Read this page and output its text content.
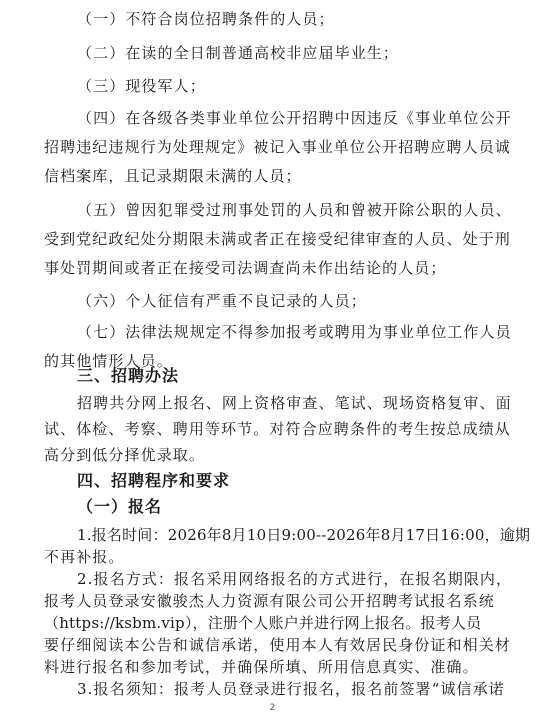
（一）不符合岗位招聘条件的人员；
（二）在读的全日制普通高校非应届毕业生；
（三）现役军人；
（四）在各级各类事业单位公开招聘中因违反《事业单位公开
招聘违纪违规行为处理规定》被记入事业单位公开招聘应聘人员诚
信档案库，且记录期限未满的人员；
（五）曾因犯罪受过刑事处罚的人员和曾被开除公职的人员、
受到党纪政纪处分期限未满或者正在接受纪律审查的人员、处于刑
事处罚期间或者正在接受司法调查尚未作出结论的人员；
（六）个人征信有严重不良记录的人员；
（七）法律法规规定不得参加报考或聘用为事业单位工作人员
的其他情形人员。
三、招聘办法
招聘共分网上报名、网上资格审查、笔试、现场资格复审、面
试、体检、考察、聘用等环节。对符合应聘条件的考生按总成绩从
高分到低分择优录取。
四、招聘程序和要求
（一）报名
2
1.报名时间：2026年8月10日9:00--2026年8月17日16:00，逾期
不再补报。
2.报名方式：报名采用网络报名的方式进行，在报名期限内，
报考人员登录安徽骏杰人力资源有限公司公开招聘考试报名系统
（https://ksbm.vip），注册个人账户并进行网上报名。报考人员
要仔细阅读本公告和诚信承诺，使用本人有效居民身份证和相关材
料进行报名和参加考试，并确保所填、所用信息真实、准确。
3.报名须知：报考人员登录进行报名，报名前签署“诚信承诺
